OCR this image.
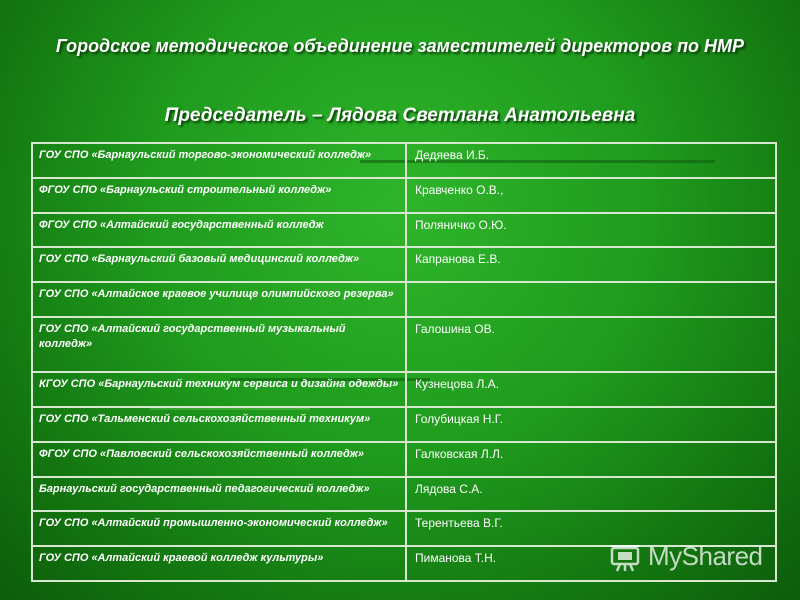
Городское методическое объединение заместителей директоров по НМР
Председатель – Лядова Светлана Анатольевна
ГОУ СПО «Барнаульский торгово-экономический колледж»	Дедяева И.Б.
ФГОУ СПО «Барнаульский строительный колледж»	Кравченко О.В.,
ФГОУ СПО «Алтайский государственный колледж	Поляничко О.Ю.
ГОУ СПО «Барнаульский базовый медицинский колледж»	Капранова Е.В.
ГОУ СПО «Алтайское краевое училище олимпийского резерва»	
ГОУ СПО «Алтайский государственный музыкальный колледж»	Галошина ОВ.
КГОУ СПО «Барнаульский техникум сервиса и дизайна одежды»	Кузнецова Л.А.
ГОУ СПО «Тальменский сельскохозяйственный техникум»	Голубицкая Н.Г.
ФГОУ СПО «Павловский сельскохозяйственный колледж»	Галковская Л.Л.
Барнаульский государственный педагогический колледж»	Лядова С.А.
ГОУ СПО «Алтайский промышленно-экономический колледж»	Терентьева В.Г.
ГОУ СПО «Алтайский краевой колледж культуры»	Пиманова Т.Н.	MyShared
